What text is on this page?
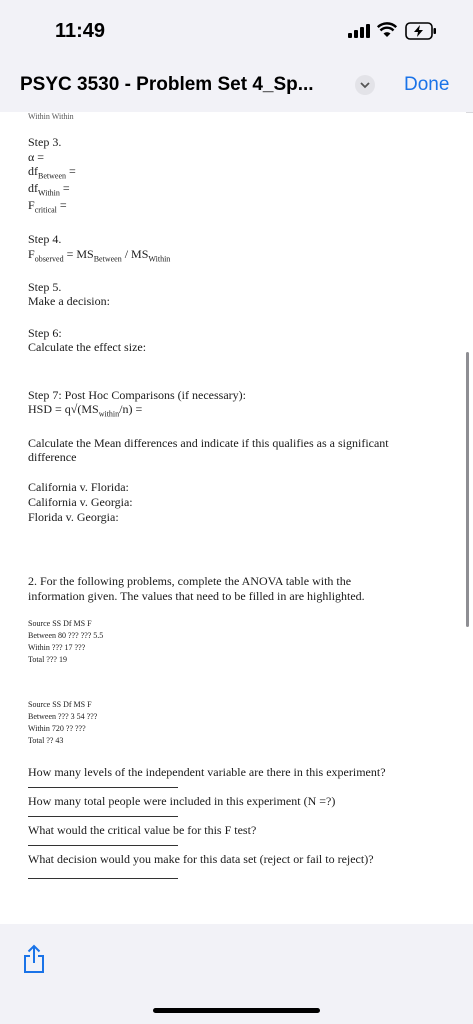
11:49
PSYC 3530 - Problem Set 4_Sp...	Done
Within Within
Step 3.
α =
$df_{Between}$ =
$df_{Within}$ =
$F_{critical}$ =
Step 4.
$F_{observed} = MS_{Between} / MS_{Within}$
Step 5.
Make a decision:
Step 6:
Calculate the effect size:
Step 7: Post Hoc Comparisons (if necessary):
HSD = $q√(MS_{within}/n)$ =
Calculate the Mean differences and indicate if this qualifies as a significant
difference
California v. Florida:
California v. Georgia:
Florida v. Georgia:
2. For the following problems, complete the ANOVA table with the
information given. The values that need to be filled in are highlighted.
Source SS Df MS F
Between 80 ??? ??? 5.5
Within ??? 17 ???
Total ??? 19
Source SS Df MS F
Between ??? 3 54 ???
Within 720 ?? ???
Total ?? 43
How many levels of the independent variable are there in this experiment?
How many total people were included in this experiment (N =?)
What would the critical value be for this F test?
What decision would you make for this data set (reject or fail to reject)?
